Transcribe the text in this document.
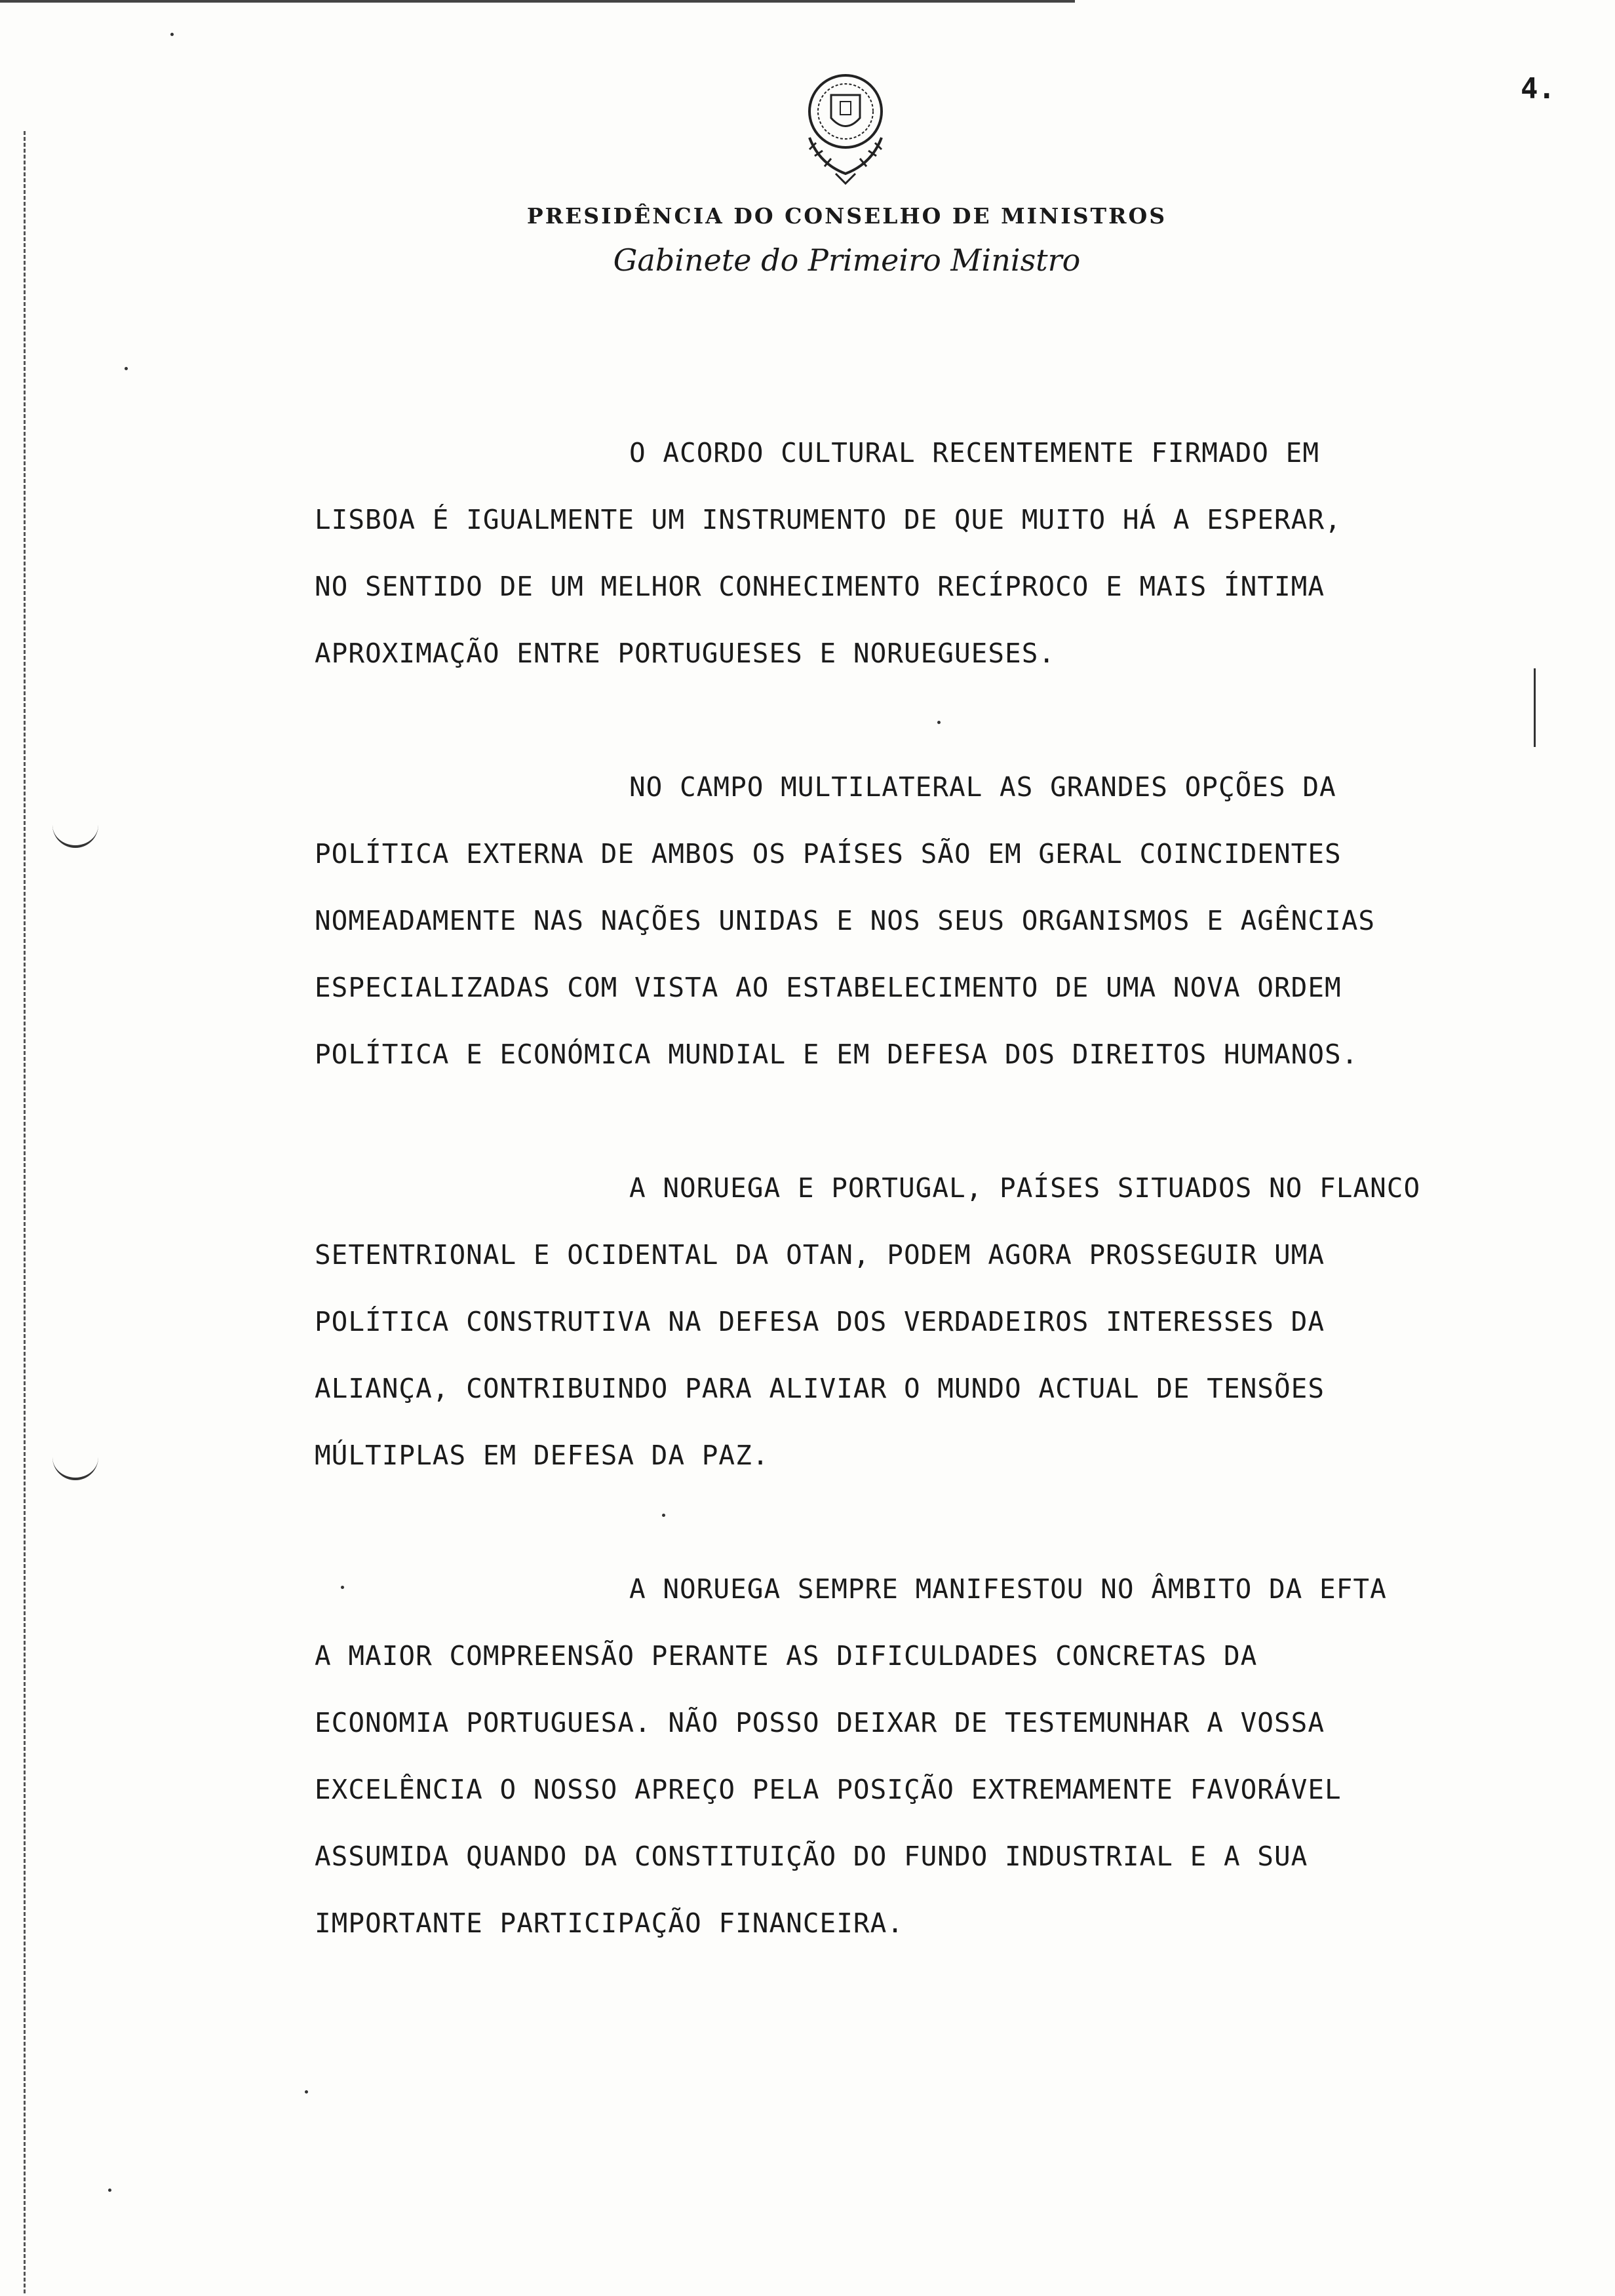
4.
PRESIDÊNCIA DO CONSELHO DE MINISTROS
Gabinete do Primeiro Ministro
O ACORDO CULTURAL RECENTEMENTE FIRMADO EM
LISBOA É IGUALMENTE UM INSTRUMENTO DE QUE MUITO HÁ A ESPERAR,
NO SENTIDO DE UM MELHOR CONHECIMENTO RECÍPROCO E MAIS ÍNTIMA
APROXIMAÇÃO ENTRE PORTUGUESES E NORUEGUESES.
NO CAMPO MULTILATERAL AS GRANDES OPÇÕES DA
POLÍTICA EXTERNA DE AMBOS OS PAÍSES SÃO EM GERAL COINCIDENTES
NOMEADAMENTE NAS NAÇÕES UNIDAS E NOS SEUS ORGANISMOS E AGÊNCIAS
ESPECIALIZADAS COM VISTA AO ESTABELECIMENTO DE UMA NOVA ORDEM
POLÍTICA E ECONÓMICA MUNDIAL E EM DEFESA DOS DIREITOS HUMANOS.
A NORUEGA E PORTUGAL, PAÍSES SITUADOS NO FLANCO
SETENTRIONAL E OCIDENTAL DA OTAN, PODEM AGORA PROSSEGUIR UMA
POLÍTICA CONSTRUTIVA NA DEFESA DOS VERDADEIROS INTERESSES DA
ALIANÇA, CONTRIBUINDO PARA ALIVIAR O MUNDO ACTUAL DE TENSÕES
MÚLTIPLAS EM DEFESA DA PAZ.
A NORUEGA SEMPRE MANIFESTOU NO ÂMBITO DA EFTA
A MAIOR COMPREENSÃO PERANTE AS DIFICULDADES CONCRETAS DA
ECONOMIA PORTUGUESA. NÃO POSSO DEIXAR DE TESTEMUNHAR A VOSSA
EXCELÊNCIA O NOSSO APREÇO PELA POSIÇÃO EXTREMAMENTE FAVORÁVEL
ASSUMIDA QUANDO DA CONSTITUIÇÃO DO FUNDO INDUSTRIAL E A SUA
IMPORTANTE PARTICIPAÇÃO FINANCEIRA.
